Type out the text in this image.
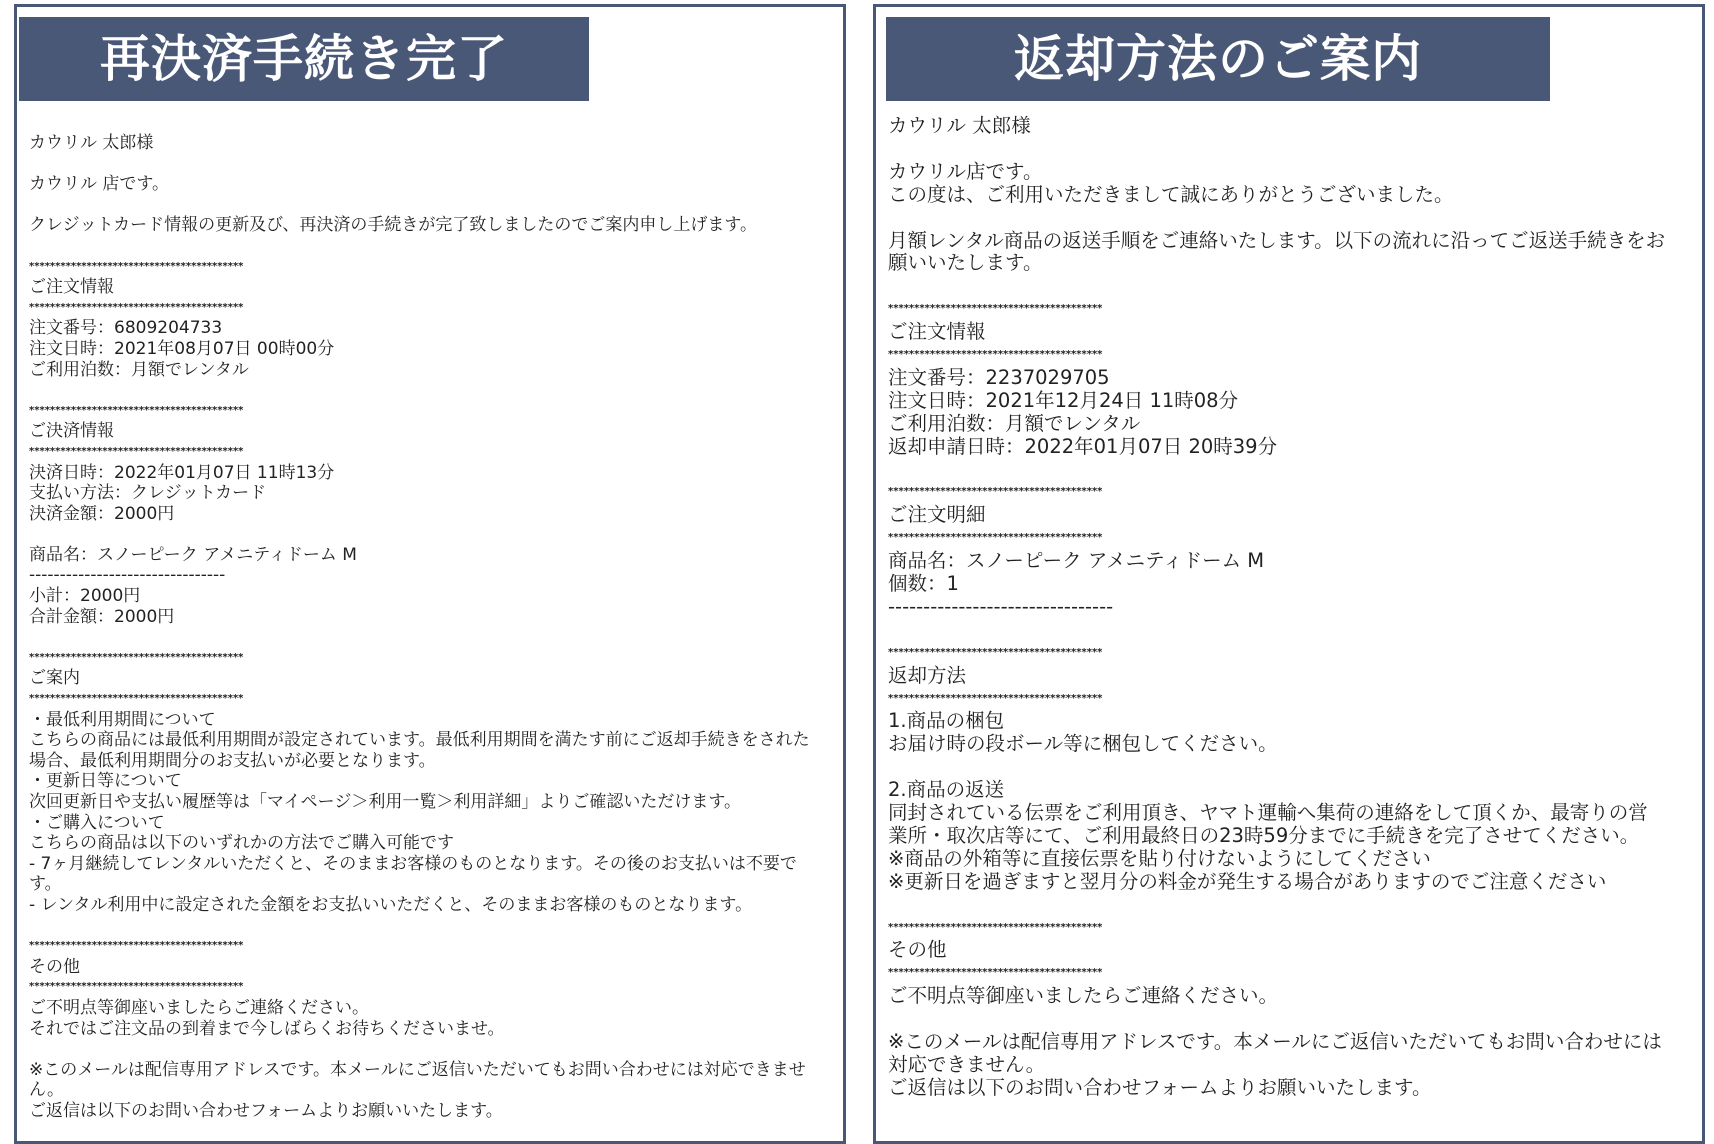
再決済手続き完了
カウリル 太郎様
カウリル 店です。
クレジットカード情報の更新及び、再決済の手続きが完了致しましたのでご案内申し上げます。
*****************************************
ご注文情報
*****************************************
注文番号：6809204733
注文日時：2021年08月07日 00時00分
ご利用泊数：月額でレンタル
*****************************************
ご決済情報
*****************************************
決済日時：2022年01月07日 11時13分
支払い方法：クレジットカード
決済金額：2000円
商品名：スノーピーク アメニティドーム M
--------------------------------
小計：2000円
合計金額：2000円
*****************************************
ご案内
*****************************************
・最低利用期間について
こちらの商品には最低利用期間が設定されています。最低利用期間を満たす前にご返却手続きをされた
場合、最低利用期間分のお支払いが必要となります。
・更新日等について
次回更新日や支払い履歴等は「マイページ＞利用一覧＞利用詳細」よりご確認いただけます。
・ご購入について
こちらの商品は以下のいずれかの方法でご購入可能です
- 7ヶ月継続してレンタルいただくと、そのままお客様のものとなります。その後のお支払いは不要で
す。
- レンタル利用中に設定された金額をお支払いいただくと、そのままお客様のものとなります。
*****************************************
その他
*****************************************
ご不明点等御座いましたらご連絡ください。
それではご注文品の到着まで今しばらくお待ちくださいませ。
※このメールは配信専用アドレスです。本メールにご返信いただいてもお問い合わせには対応できませ
ん。
ご返信は以下のお問い合わせフォームよりお願いいたします。
返却方法のご案内
カウリル 太郎様
カウリル店です。
この度は、ご利用いただきまして誠にありがとうございました。
月額レンタル商品の返送手順をご連絡いたします。以下の流れに沿ってご返送手続きをお
願いいたします。
*****************************************
ご注文情報
*****************************************
注文番号：2237029705
注文日時：2021年12月24日 11時08分
ご利用泊数：月額でレンタル
返却申請日時：2022年01月07日 20時39分
*****************************************
ご注文明細
*****************************************
商品名：スノーピーク アメニティドーム M
個数：1
--------------------------------
*****************************************
返却方法
*****************************************
1.商品の梱包
お届け時の段ボール等に梱包してください。
2.商品の返送
同封されている伝票をご利用頂き、ヤマト運輸へ集荷の連絡をして頂くか、最寄りの営
業所・取次店等にて、ご利用最終日の23時59分までに手続きを完了させてください。
※商品の外箱等に直接伝票を貼り付けないようにしてください
※更新日を過ぎますと翌月分の料金が発生する場合がありますのでご注意ください
*****************************************
その他
*****************************************
ご不明点等御座いましたらご連絡ください。
※このメールは配信専用アドレスです。本メールにご返信いただいてもお問い合わせには
対応できません。
ご返信は以下のお問い合わせフォームよりお願いいたします。
